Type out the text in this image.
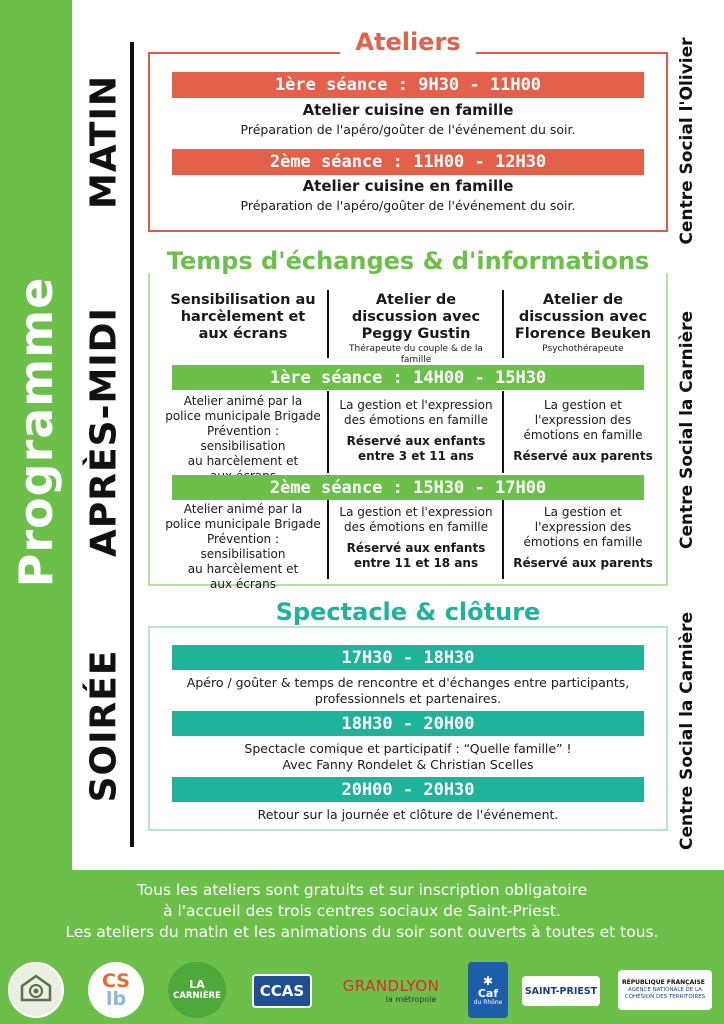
Programme
MATIN
APRÈS-MIDI
SOIRÉE
Centre Social l'Olivier
Centre Social la Carnière
Centre Social la Carnière
Ateliers
1ère séance : 9H30 - 11H00
Atelier cuisine en famille
Préparation de l'apéro/goûter de l'événement du soir.
2ème séance : 11H00 - 12H30
Atelier cuisine en famille
Préparation de l'apéro/goûter de l'événement du soir.
Temps d'échanges & d'informations
Sensibilisation au
harcèlement et
aux écrans
Atelier de
discussion avec
Peggy Gustin
Thérapeute du couple & de la famille
Atelier de
discussion avec
Florence Beuken
Psychothérapeute
1ère séance : 14H00 - 15H30
Atelier animé par la
police municipale Brigade
Prévention : sensibilisation
au harcèlement et
La gestion et l'expression
des émotions en famille
Réservé aux enfants
entre 3 et 11 ans
La gestion et
l'expression des
émotions en famille
Réservé aux parents
2ème séance : 15H30 - 17H00
Atelier animé par la
police municipale Brigade
Prévention : sensibilisation
au harcèlement et
aux écrans
La gestion et l'expression
des émotions en famille
Réservé aux enfants
entre 11 et 18 ans
La gestion et
l'expression des
émotions en famille
Réservé aux parents
Spectacle & clôture
17H30 - 18H30
Apéro / goûter & temps de rencontre et d'échanges entre participants,
professionnels et partenaires.
18H30 - 20H00
Spectacle comique et participatif : “Quelle famille” !
Avec Fanny Rondelet & Christian Scelles
20H00 - 20H30
Retour sur la journée et clôture de l'événement.
Tous les ateliers sont gratuits et sur inscription obligatoire
à l'accueil des trois centres sociaux de Saint-Priest.
Les ateliers du matin et les animations du soir sont ouverts à toutes et tous.
CS
lb
LA
CARNIÈRE	CCAS	GRANDLYON
la métropole
✱
Caf
du Rhône
SAINT-PRIEST
RÉPUBLIQUE FRANÇAISE
AGENCE NATIONALE DE LA COHÉSION DES TERRITOIRES
